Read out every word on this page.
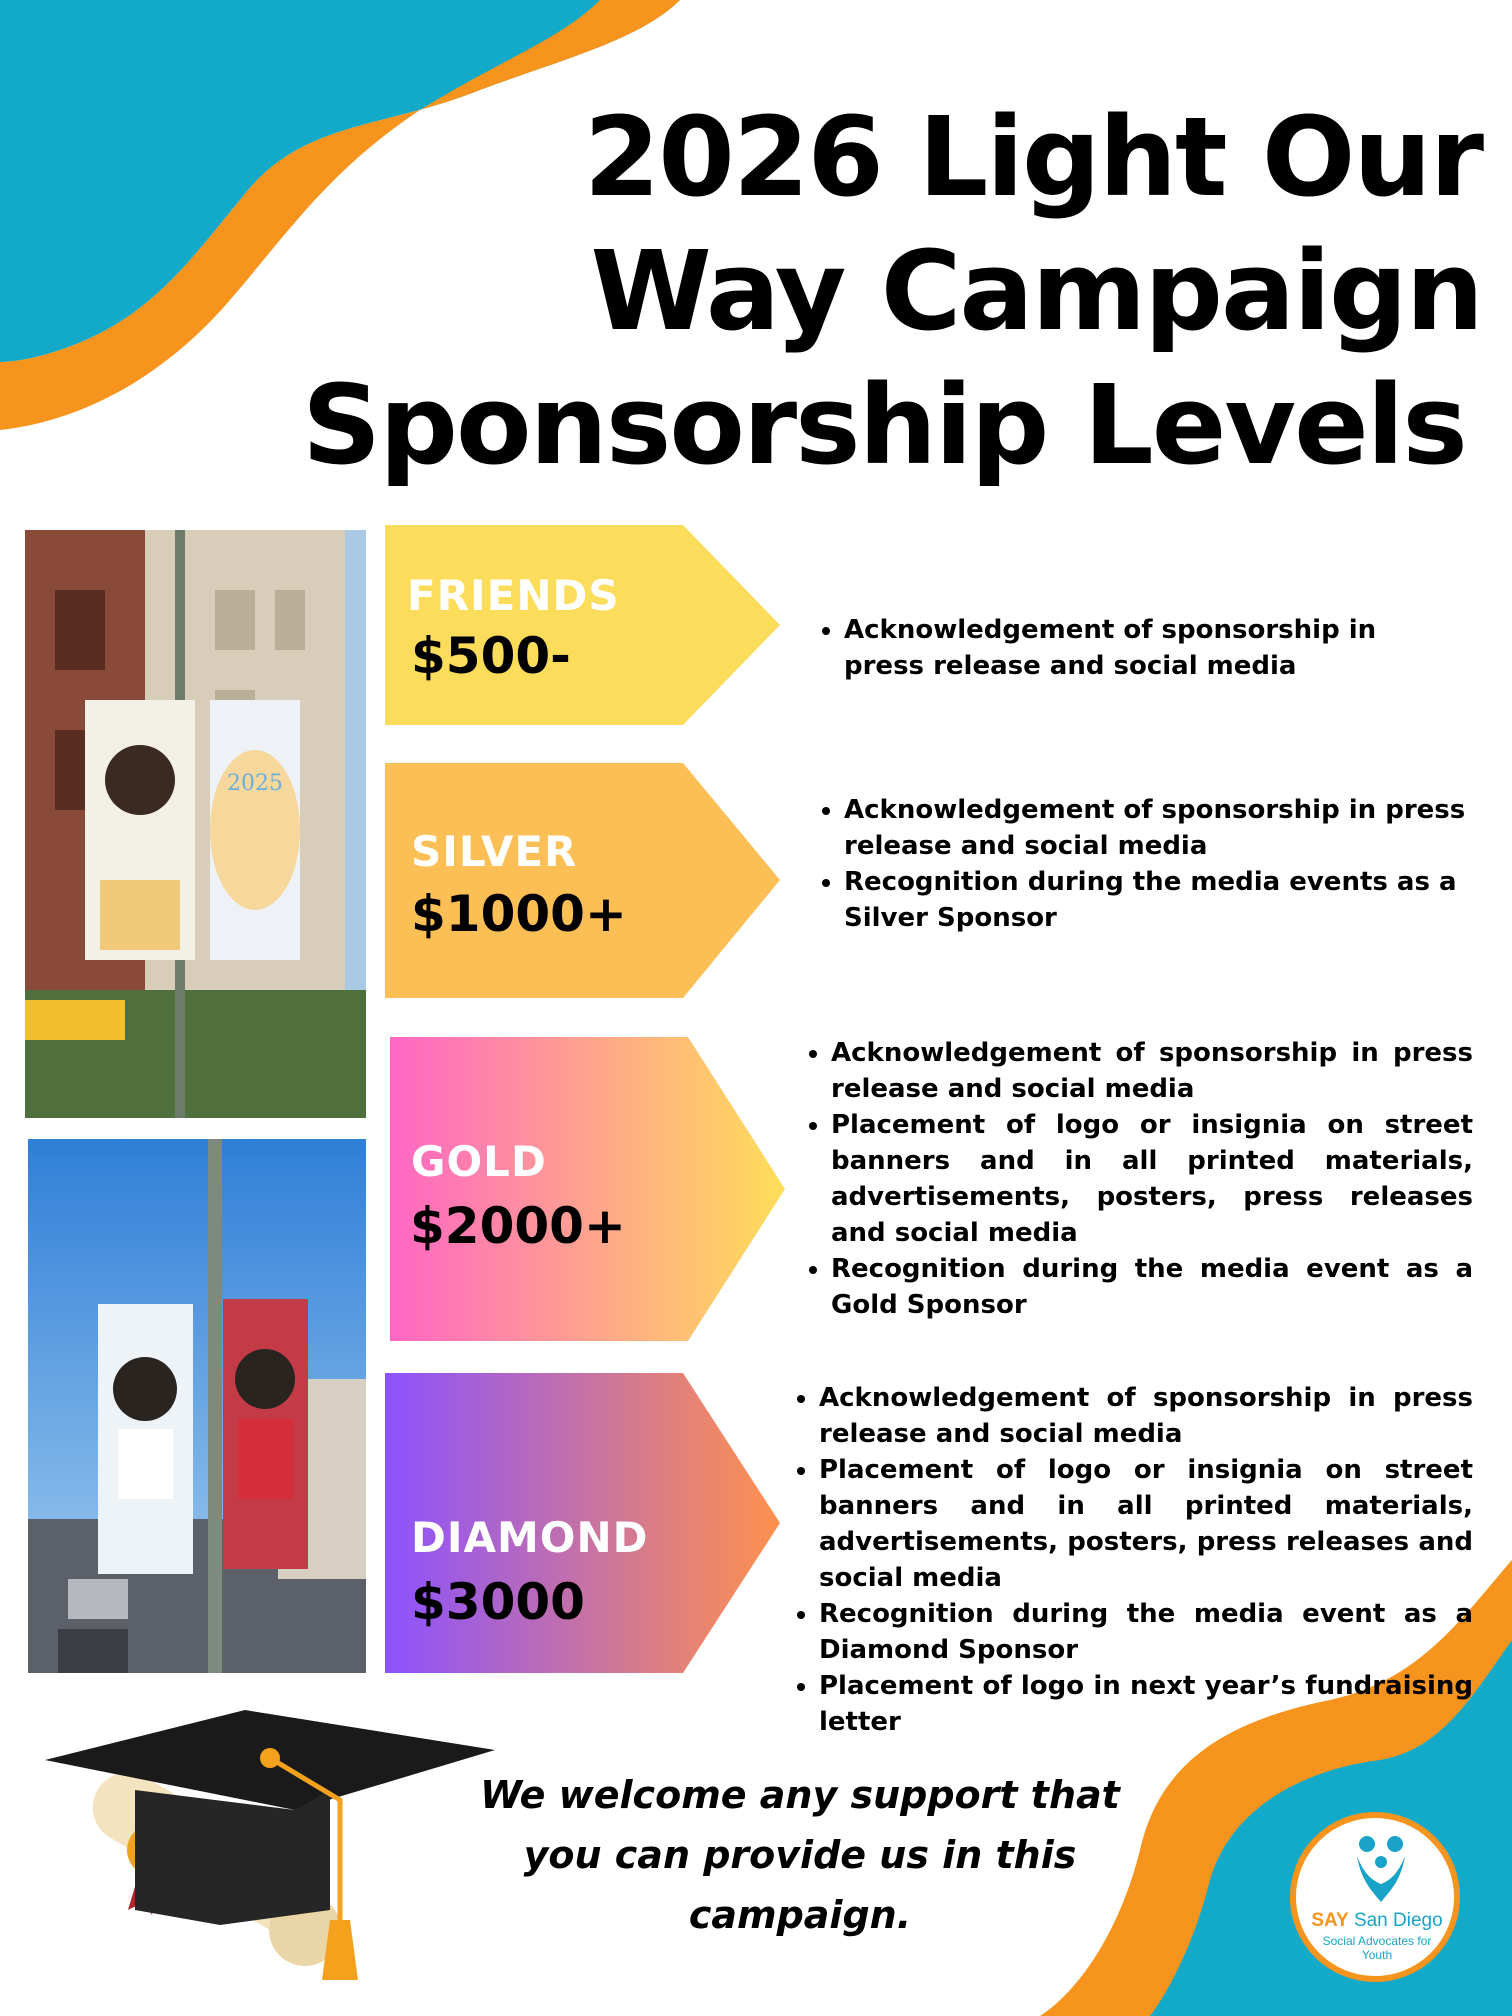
2026 Light Our
Way Campaign
Sponsorship Levels
2025
FRIENDS
$500-	Acknowledgement of sponsorship in press release and social media
SILVER
$1000+
Acknowledgement of sponsorship in press release and social media
Recognition during the media events as a Silver Sponsor
GOLD
$2000+
Acknowledgement of sponsorship in press release and social media
Placement of logo or insignia on street banners and in all printed materials, advertisements, posters, press releases and social media
Recognition during the media event as a Gold Sponsor
DIAMOND
$3000
Acknowledgement of sponsorship in press release and social media
Placement of logo or insignia on street banners and in all printed materials, advertisements, posters, press releases and social media
Recognition during the media event as a Diamond Sponsor
Placement of logo in next year’s fundraising letter
We welcome any support that you can provide us in this campaign.	SAY San Diego
Social Advocates for Youth
